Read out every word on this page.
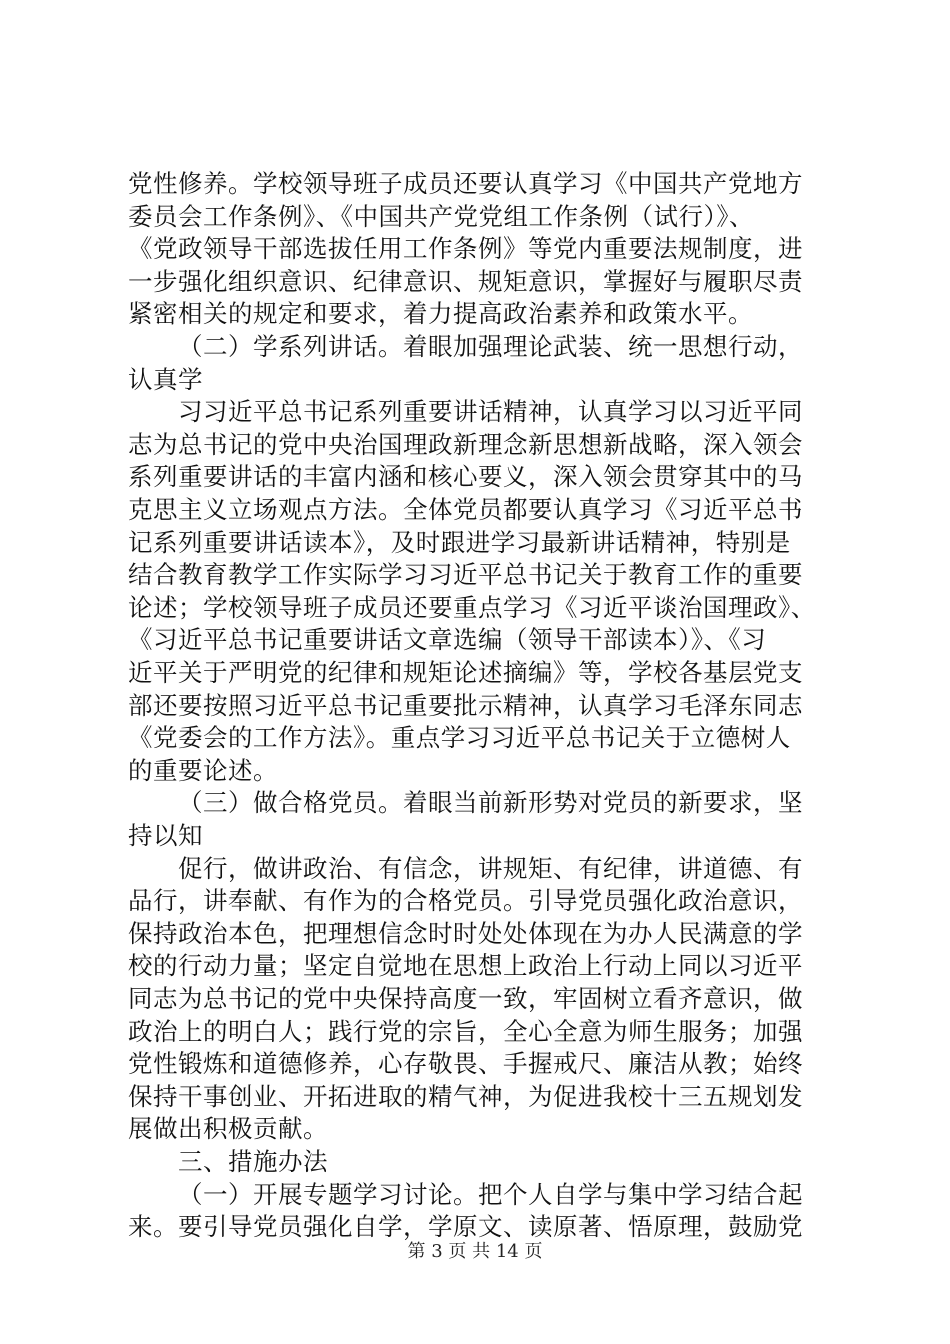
党性修养。学校领导班子成员还要认真学习《中国共产党地方
委员会工作条例》、《中国共产党党组工作条例（试行）》、
《党政领导干部选拔任用工作条例》等党内重要法规制度，进
一步强化组织意识、纪律意识、规矩意识，掌握好与履职尽责
紧密相关的规定和要求，着力提高政治素养和政策水平。
（二）学系列讲话。着眼加强理论武装、统一思想行动，
认真学
习习近平总书记系列重要讲话精神，认真学习以习近平同
志为总书记的党中央治国理政新理念新思想新战略，深入领会
系列重要讲话的丰富内涵和核心要义，深入领会贯穿其中的马
克思主义立场观点方法。全体党员都要认真学习《习近平总书
记系列重要讲话读本》，及时跟进学习最新讲话精神，特别是
结合教育教学工作实际学习习近平总书记关于教育工作的重要
论述；学校领导班子成员还要重点学习《习近平谈治国理政》、
《习近平总书记重要讲话文章选编（领导干部读本）》、《习
近平关于严明党的纪律和规矩论述摘编》等，学校各基层党支
部还要按照习近平总书记重要批示精神，认真学习毛泽东同志
《党委会的工作方法》。重点学习习近平总书记关于立德树人
的重要论述。
（三）做合格党员。着眼当前新形势对党员的新要求，坚
持以知
促行，做讲政治、有信念，讲规矩、有纪律，讲道德、有
品行，讲奉献、有作为的合格党员。引导党员强化政治意识，
保持政治本色，把理想信念时时处处体现在为办人民满意的学
校的行动力量；坚定自觉地在思想上政治上行动上同以习近平
同志为总书记的党中央保持高度一致，牢固树立看齐意识，做
政治上的明白人；践行党的宗旨，全心全意为师生服务；加强
党性锻炼和道德修养，心存敬畏、手握戒尺、廉洁从教；始终
保持干事创业、开拓进取的精气神，为促进我校十三五规划发
展做出积极贡献。
三、措施办法
（一）开展专题学习讨论。把个人自学与集中学习结合起
来。要引导党员强化自学，学原文、读原著、悟原理，鼓励党
第 3 页 共 14 页
